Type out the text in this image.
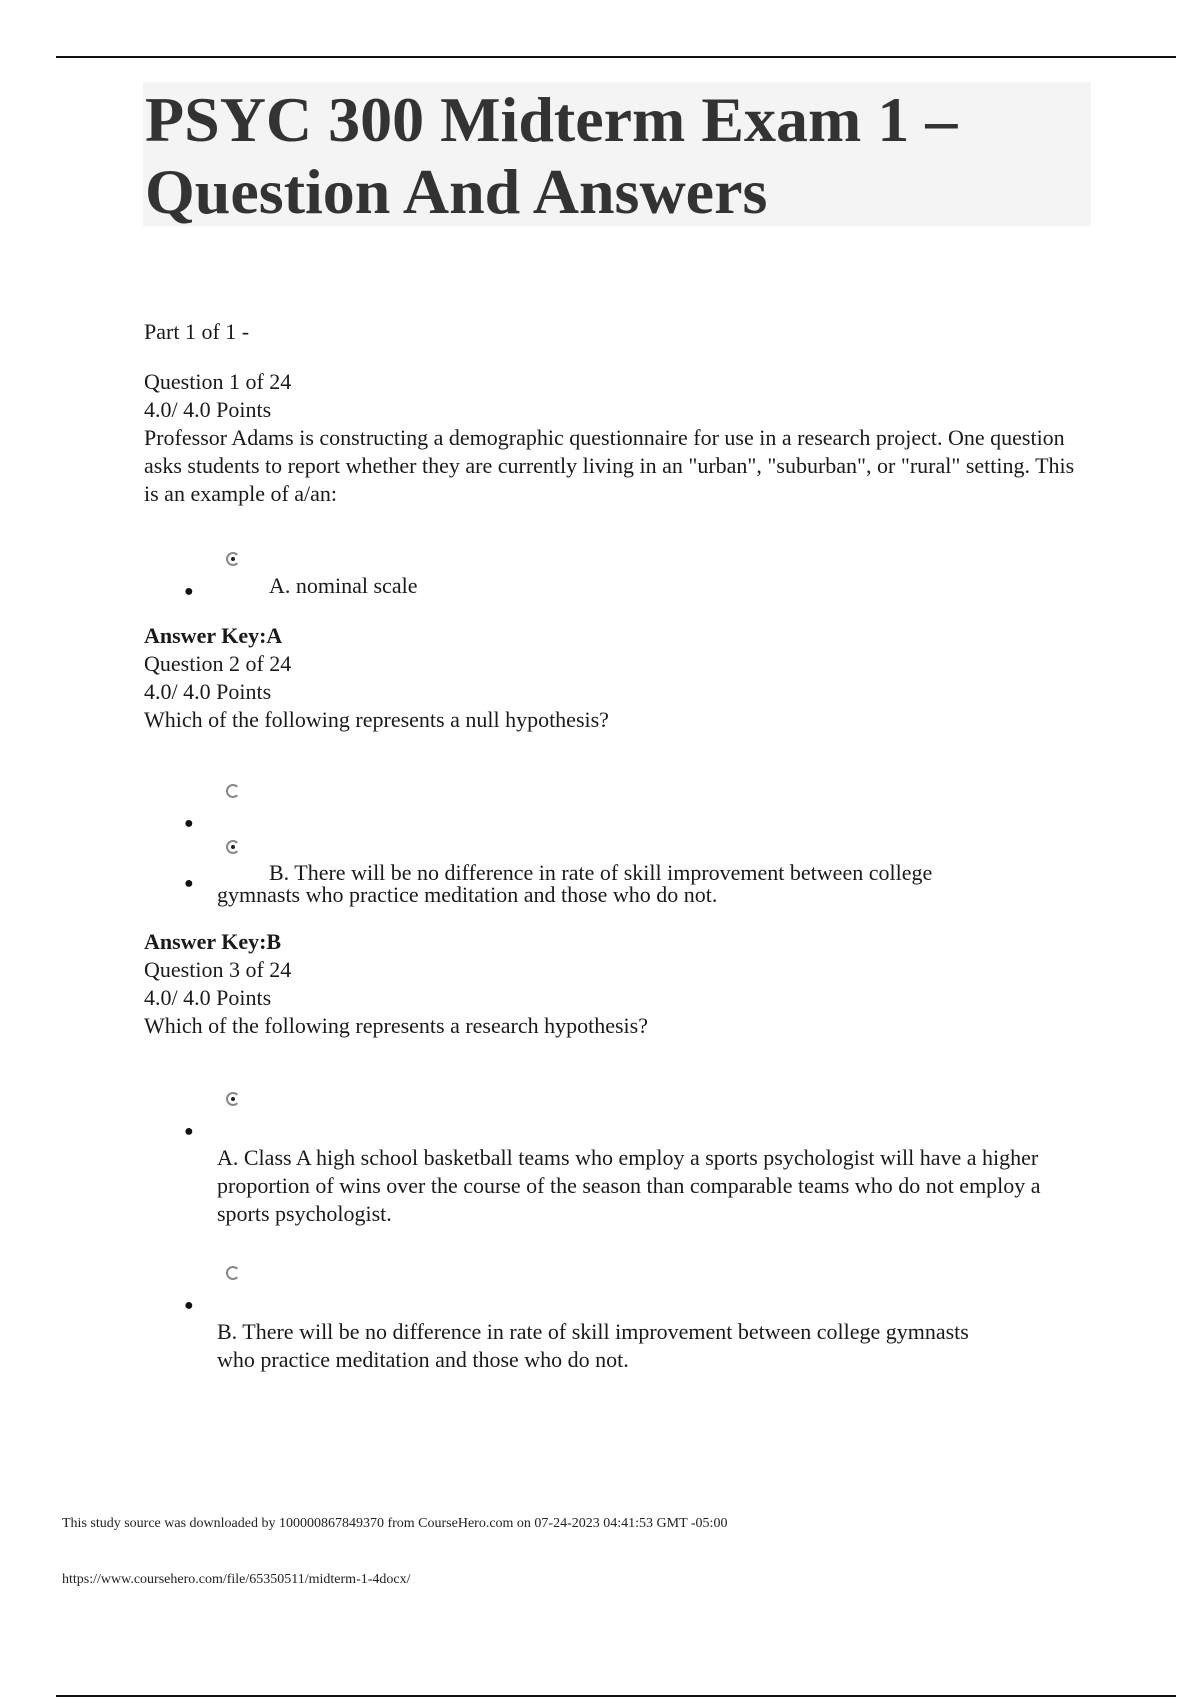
PSYC 300 Midterm Exam 1 – Question And Answers
Part 1 of 1 -
Question 1 of 24
4.0/ 4.0 Points
Professor Adams is constructing a demographic questionnaire for use in a research project. One question asks students to report whether they are currently living in an "urban", "suburban", or "rural" setting. This is an example of a/an:
●	A. nominal scale
Answer Key:A
Question 2 of 24
4.0/ 4.0 Points
Which of the following represents a null hypothesis?
●
●	B. There will be no difference in rate of skill improvement between college gymnasts who practice meditation and those who do not.
Answer Key:B
Question 3 of 24
4.0/ 4.0 Points
Which of the following represents a research hypothesis?
●
A. Class A high school basketball teams who employ a sports psychologist will have a higher proportion of wins over the course of the season than comparable teams who do not employ a sports psychologist.
●
B. There will be no difference in rate of skill improvement between college gymnasts who practice meditation and those who do not.
This study source was downloaded by 100000867849370 from CourseHero.com on 07-24-2023 04:41:53 GMT -05:00
https://www.coursehero.com/file/65350511/midterm-1-4docx/
